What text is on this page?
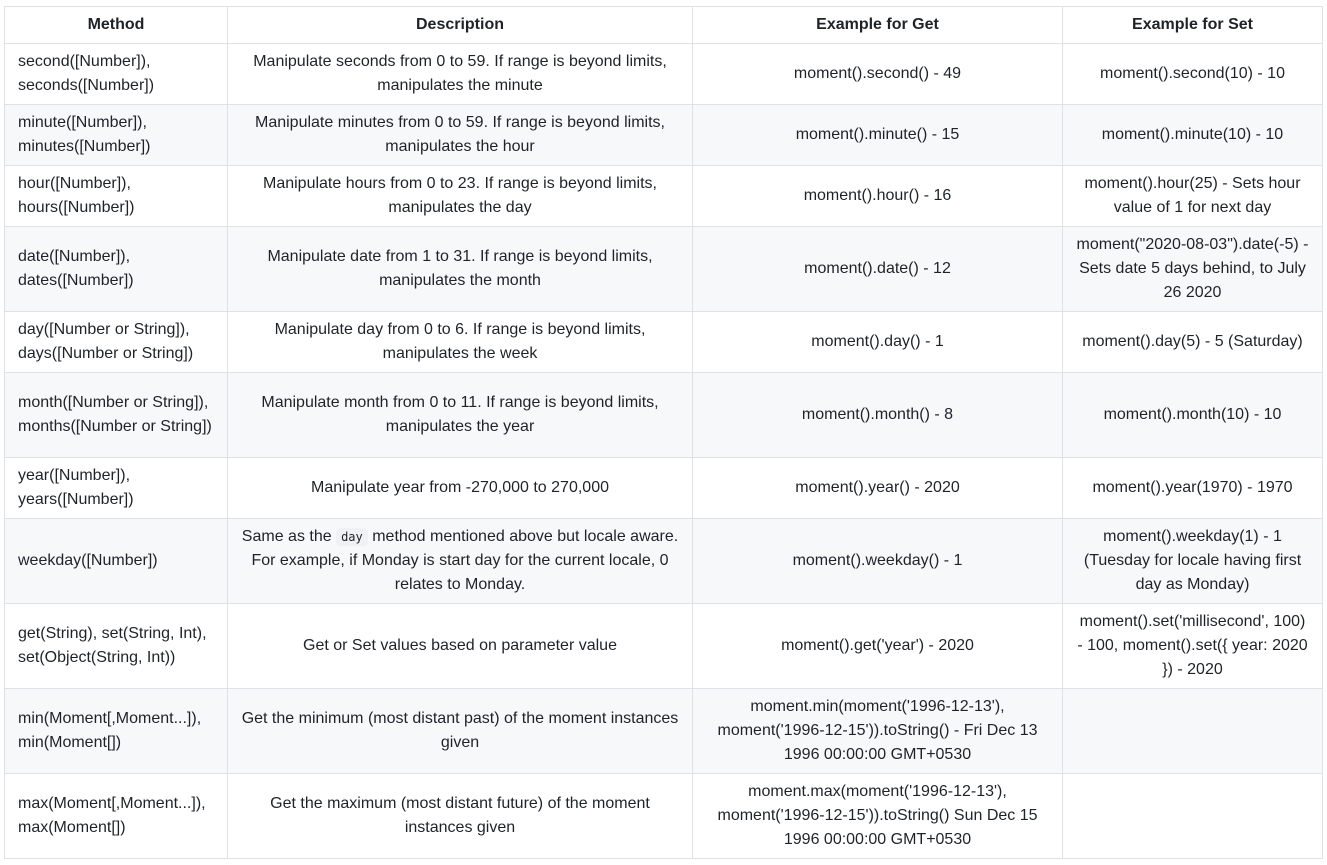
Method	Description	Example for Get	Example for Set
second([Number]), seconds([Number])	Manipulate seconds from 0 to 59. If range is beyond limits, manipulates the minute	moment().second() - 49	moment().second(10) - 10
minute([Number]), minutes([Number])	Manipulate minutes from 0 to 59. If range is beyond limits, manipulates the hour	moment().minute() - 15	moment().minute(10) - 10
hour([Number]), hours([Number])	Manipulate hours from 0 to 23. If range is beyond limits, manipulates the day	moment().hour() - 16	moment().hour(25) - Sets hour value of 1 for next day
date([Number]), dates([Number])	Manipulate date from 1 to 31. If range is beyond limits, manipulates the month	moment().date() - 12	moment("2020-08-03").date(-5) - Sets date 5 days behind, to July 26 2020
day([Number or String]), days([Number or String])	Manipulate day from 0 to 6. If range is beyond limits, manipulates the week	moment().day() - 1	moment().day(5) - 5 (Saturday)
month([Number or String]), months([Number or String])	Manipulate month from 0 to 11. If range is beyond limits, manipulates the year	moment().month() - 8	moment().month(10) - 10
year([Number]), years([Number])	Manipulate year from -270,000 to 270,000	moment().year() - 2020	moment().year(1970) - 1970
weekday([Number])	Same as the day method mentioned above but locale aware. For example, if Monday is start day for the current locale, 0 relates to Monday.	moment().weekday() - 1	moment().weekday(1) - 1 (Tuesday for locale having first day as Monday)
get(String), set(String, Int), set(Object(String, Int))	Get or Set values based on parameter value	moment().get('year') - 2020	moment().set('millisecond', 100) - 100, moment().set({ year: 2020 }) - 2020
min(Moment[,Moment...]), min(Moment[])	Get the minimum (most distant past) of the moment instances given	moment.min(moment('1996-12-13'), moment('1996-12-15')).toString() - Fri Dec 13 1996 00:00:00 GMT+0530	
max(Moment[,Moment...]), max(Moment[])	Get the maximum (most distant future) of the moment instances given	moment.max(moment('1996-12-13'), moment('1996-12-15')).toString() Sun Dec 15 1996 00:00:00 GMT+0530	
